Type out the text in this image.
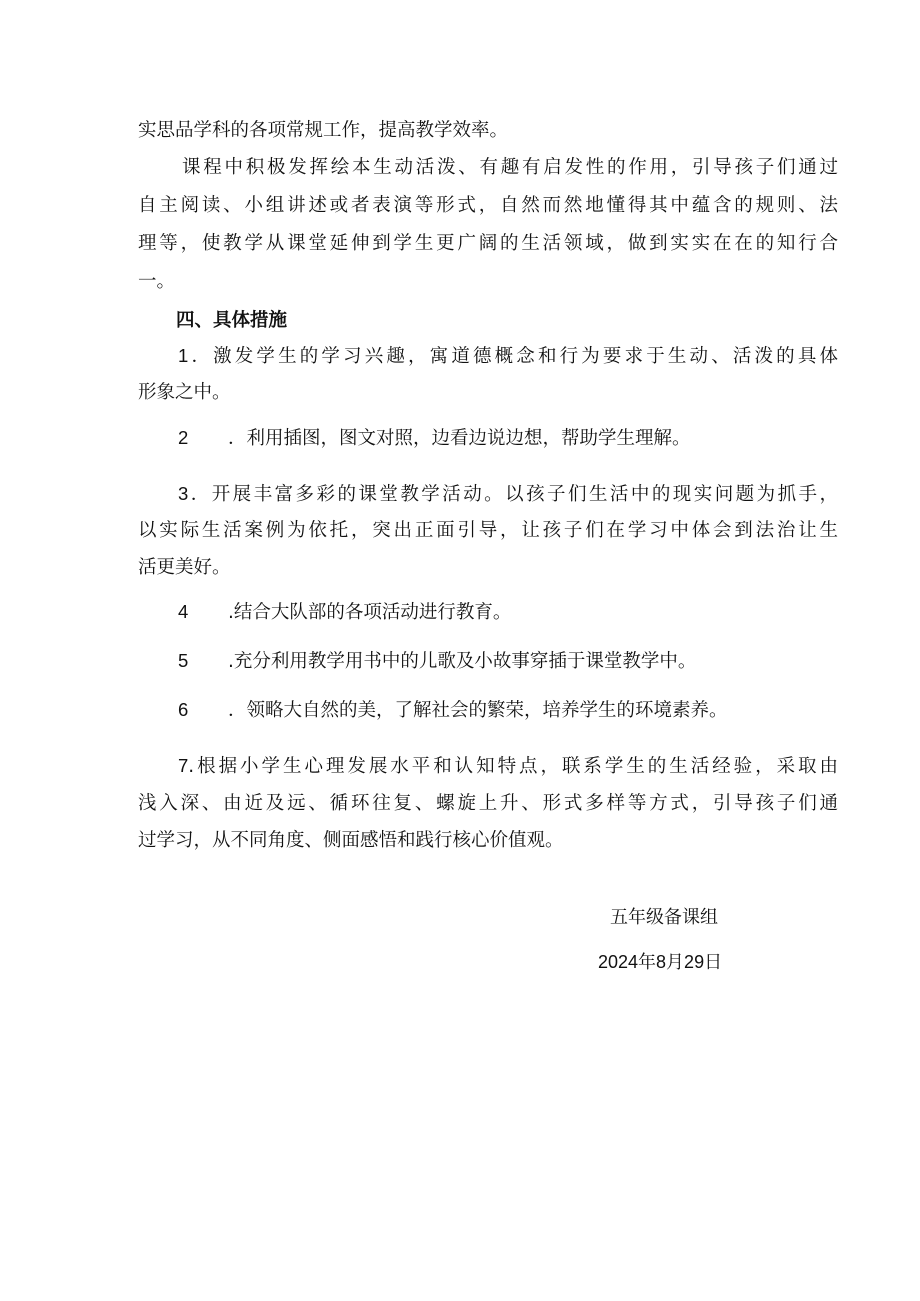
实思品学科的各项常规工作，提高教学效率。
课程中积极发挥绘本生动活泼、有趣有启发性的作用，引导孩子们通过
自主阅读、小组讲述或者表演等形式，自然而然地懂得其中蕴含的规则、法
理等，使教学从课堂延伸到学生更广阔的生活领域，做到实实在在的知行合
一。
四、具体措施
1．激发学生的学习兴趣，寓道德概念和行为要求于生动、活泼的具体
形象之中。
2 ．利用插图，图文对照，边看边说边想，帮助学生理解。
3．开展丰富多彩的课堂教学活动。以孩子们生活中的现实问题为抓手，
以实际生活案例为依托，突出正面引导，让孩子们在学习中体会到法治让生
活更美好。
4 .结合大队部的各项活动进行教育。
5 .充分利用教学用书中的儿歌及小故事穿插于课堂教学中。
6 ．领略大自然的美，了解社会的繁荣，培养学生的环境素养。
7.根据小学生心理发展水平和认知特点，联系学生的生活经验，采取由
浅入深、由近及远、循环往复、螺旋上升、形式多样等方式，引导孩子们通
过学习，从不同角度、侧面感悟和践行核心价值观。
五年级备课组
2024年8月29日
